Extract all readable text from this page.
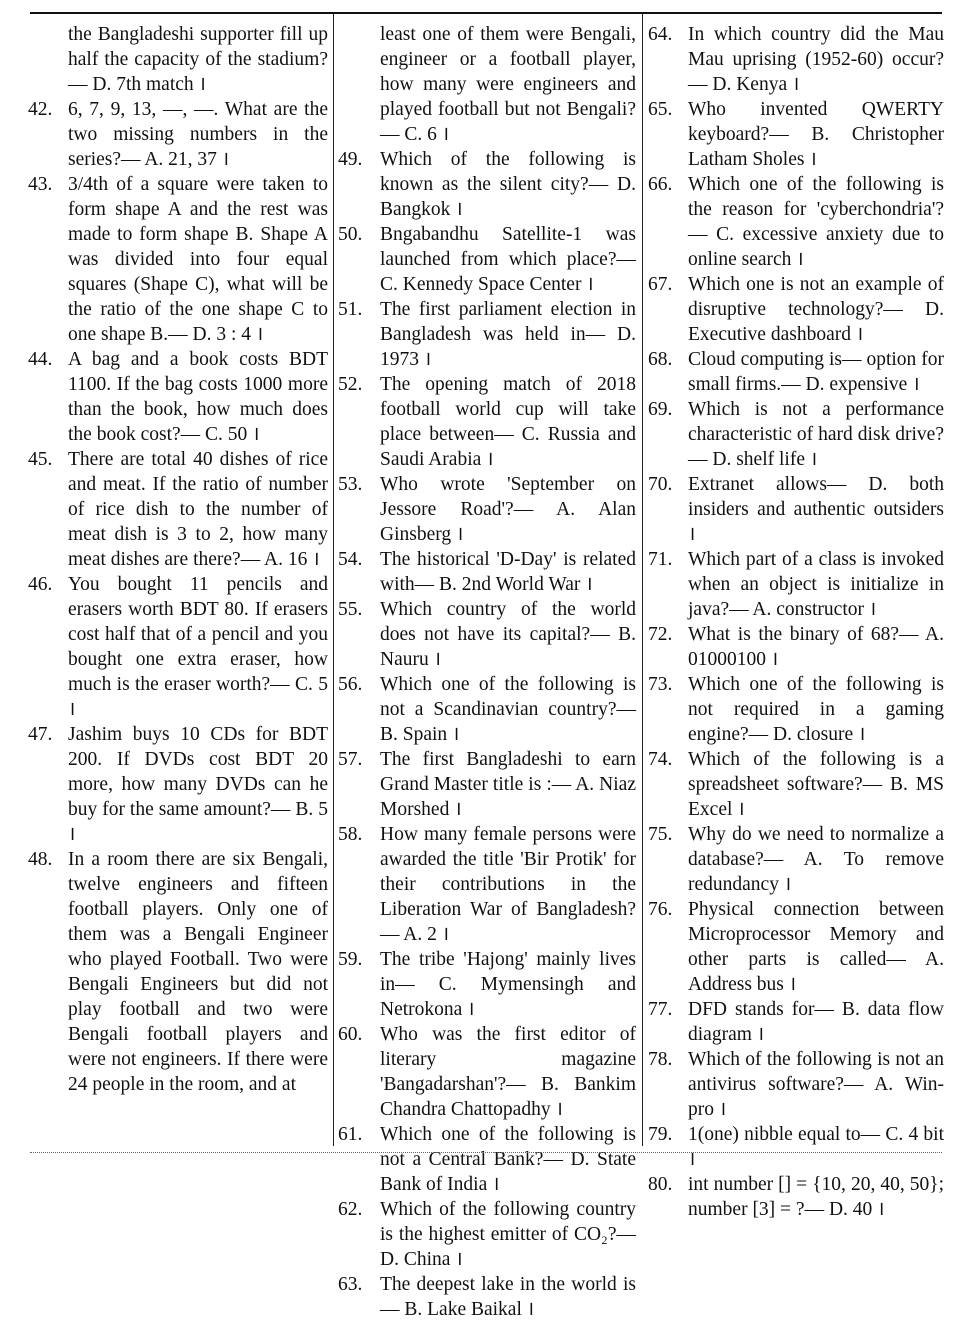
the Bangladeshi supporter fill up half the capacity of the stadium?— D. 7th match ।
42. 6, 7, 9, 13, —, —. What are the two missing numbers in the series?— A. 21, 37 ।
43. 3/4th of a square were taken to form shape A and the rest was made to form shape B. Shape A was divided into four equal squares (Shape C), what will be the ratio of the one shape C to one shape B.— D. 3 : 4 ।
44. A bag and a book costs BDT 1100. If the bag costs 1000 more than the book, how much does the book cost?— C. 50 ।
45. There are total 40 dishes of rice and meat. If the ratio of number of rice dish to the number of meat dish is 3 to 2, how many meat dishes are there?— A. 16 ।
46. You bought 11 pencils and erasers worth BDT 80. If erasers cost half that of a pencil and you bought one extra eraser, how much is the eraser worth?— C. 5 ।
47. Jashim buys 10 CDs for BDT 200. If DVDs cost BDT 20 more, how many DVDs can he buy for the same amount?— B. 5 ।
48. In a room there are six Bengali, twelve engineers and fifteen football players. Only one of them was a Bengali Engineer who played Football. Two were Bengali Engineers but did not play football and two were Bengali football players and were not engineers. If there were 24 people in the room, and at
least one of them were Bengali, engineer or a football player, how many were engineers and played football but not Bengali?— C. 6 ।
49. Which of the following is known as the silent city?— D. Bangkok ।
50. Bngabandhu Satellite-1 was launched from which place?— C. Kennedy Space Center ।
51. The first parliament election in Bangladesh was held in— D. 1973 ।
52. The opening match of 2018 football world cup will take place between— C. Russia and Saudi Arabia ।
53. Who wrote 'September on Jessore Road'?— A. Alan Ginsberg ।
54. The historical 'D-Day' is related with— B. 2nd World War ।
55. Which country of the world does not have its capital?— B. Nauru ।
56. Which one of the following is not a Scandinavian country?— B. Spain ।
57. The first Bangladeshi to earn Grand Master title is :— A. Niaz Morshed ।
58. How many female persons were awarded the title 'Bir Protik' for their contributions in the Liberation War of Bangladesh?— A. 2 ।
59. The tribe 'Hajong' mainly lives in— C. Mymensingh and Netrokona ।
60. Who was the first editor of literary magazine 'Bangadarshan'?— B. Bankim Chandra Chattopadhy ।
61. Which one of the following is not a Central Bank?— D. State Bank of India ।
62. Which of the following country is the highest emitter of CO₂?— D. China ।
63. The deepest lake in the world is— B. Lake Baikal ।
64. In which country did the Mau Mau uprising (1952-60) occur?— D. Kenya ।
65. Who invented QWERTY keyboard?— B. Christopher Latham Sholes ।
66. Which one of the following is the reason for 'cyberchondria'?— C. excessive anxiety due to online search ।
67. Which one is not an example of disruptive technology?— D. Executive dashboard ।
68. Cloud computing is— option for small firms.— D. expensive ।
69. Which is not a performance characteristic of hard disk drive?— D. shelf life ।
70. Extranet allows— D. both insiders and authentic outsiders ।
71. Which part of a class is invoked when an object is initialize in java?— A. constructor ।
72. What is the binary of 68?— A. 01000100 ।
73. Which one of the following is not required in a gaming engine?— D. closure ।
74. Which of the following is a spreadsheet software?— B. MS Excel ।
75. Why do we need to normalize a database?— A. To remove redundancy ।
76. Physical connection between Microprocessor Memory and other parts is called— A. Address bus ।
77. DFD stands for— B. data flow diagram ।
78. Which of the following is not an antivirus software?— A. Win-pro ।
79. 1(one) nibble equal to— C. 4 bit ।
80. int number [] = {10, 20, 40, 50}; number [3] = ?— D. 40 ।
